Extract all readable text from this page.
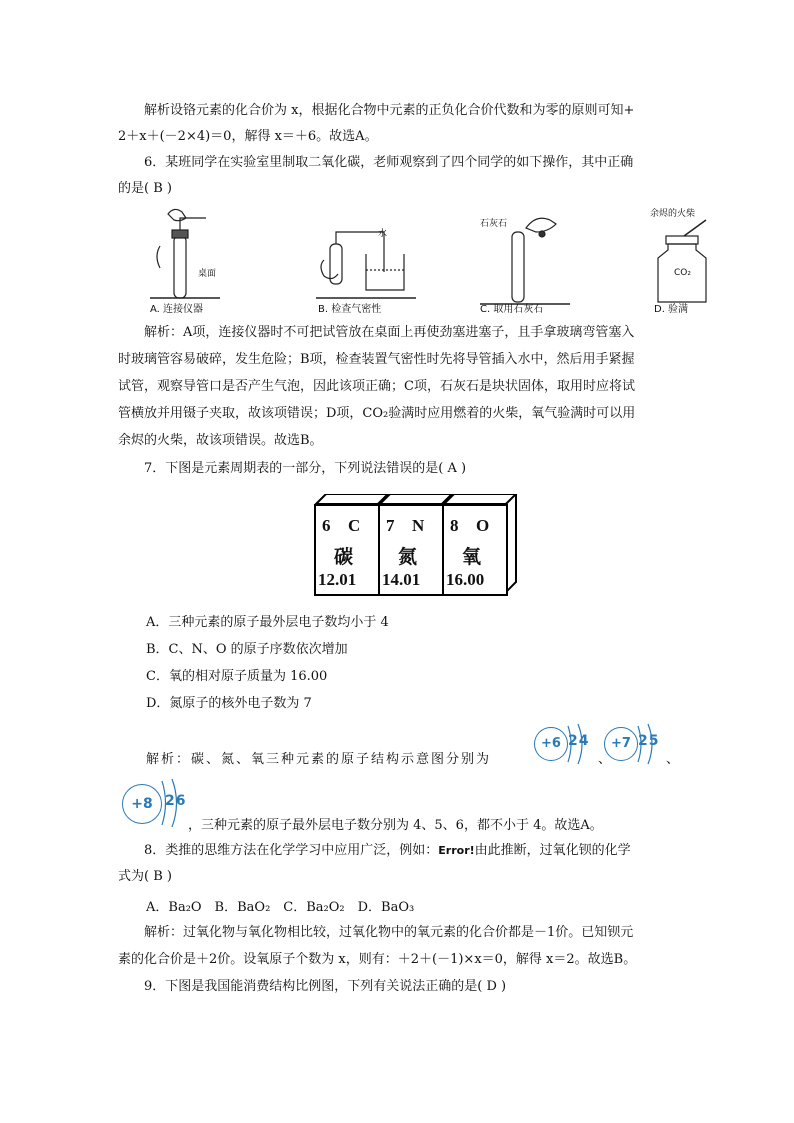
解析设铬元素的化合价为 x，根据化合物中元素的正负化合价代数和为零的原则可知+

2＋x＋(－2×4)＝0，解得 x＝＋6。故选A。

6．某班同学在实验室里制取二氧化碳，老师观察到了四个同学的如下操作，其中正确

的是( B )

桌面
水
石灰石
余烬的火柴
CO₂
A. 连接仪器	B. 检查气密性	C. 取用石灰石	D. 验满

解析：A项，连接仪器时不可把试管放在桌面上再使劲塞进塞子，且手拿玻璃弯管塞入

时玻璃管容易破碎，发生危险；B项，检查装置气密性时先将导管插入水中，然后用手紧握

试管，观察导管口是否产生气泡，因此该项正确；C项，石灰石是块状固体，取用时应将试

管横放并用镊子夹取，故该项错误；D项，CO₂验满时应用燃着的火柴，氧气验满时可以用

余烬的火柴，故该项错误。故选B。

7．下图是元素周期表的一部分，下列说法错误的是( A )

6 C
碳
12.01
7 N
氮
14.01
8 O
氧
16.00
A．三种元素的原子最外层电子数均小于 4
B．C、N、O 的原子序数依次增加
C．氧的相对原子质量为 16.00
D．氮原子的核外电子数为 7
解析：碳、氮、氧三种元素的原子结构示意图分别为
+6 24
、
+7 25
、
+8 26
，三种元素的原子最外层电子数分别为 4、5、6，都不小于 4。故选A。

8．类推的思维方法在化学学习中应用广泛，例如：Error!由此推断，过氧化钡的化学

式为( B )

A．Ba₂O　B．BaO₂　C．Ba₂O₂　D．BaO₃

解析：过氧化物与氧化物相比较，过氧化物中的氧元素的化合价都是－1价。已知钡元

素的化合价是＋2价。设氧原子个数为 x，则有：＋2＋(－1)×x＝0，解得 x＝2。故选B。

9．下图是我国能消费结构比例图，下列有关说法正确的是( D )
